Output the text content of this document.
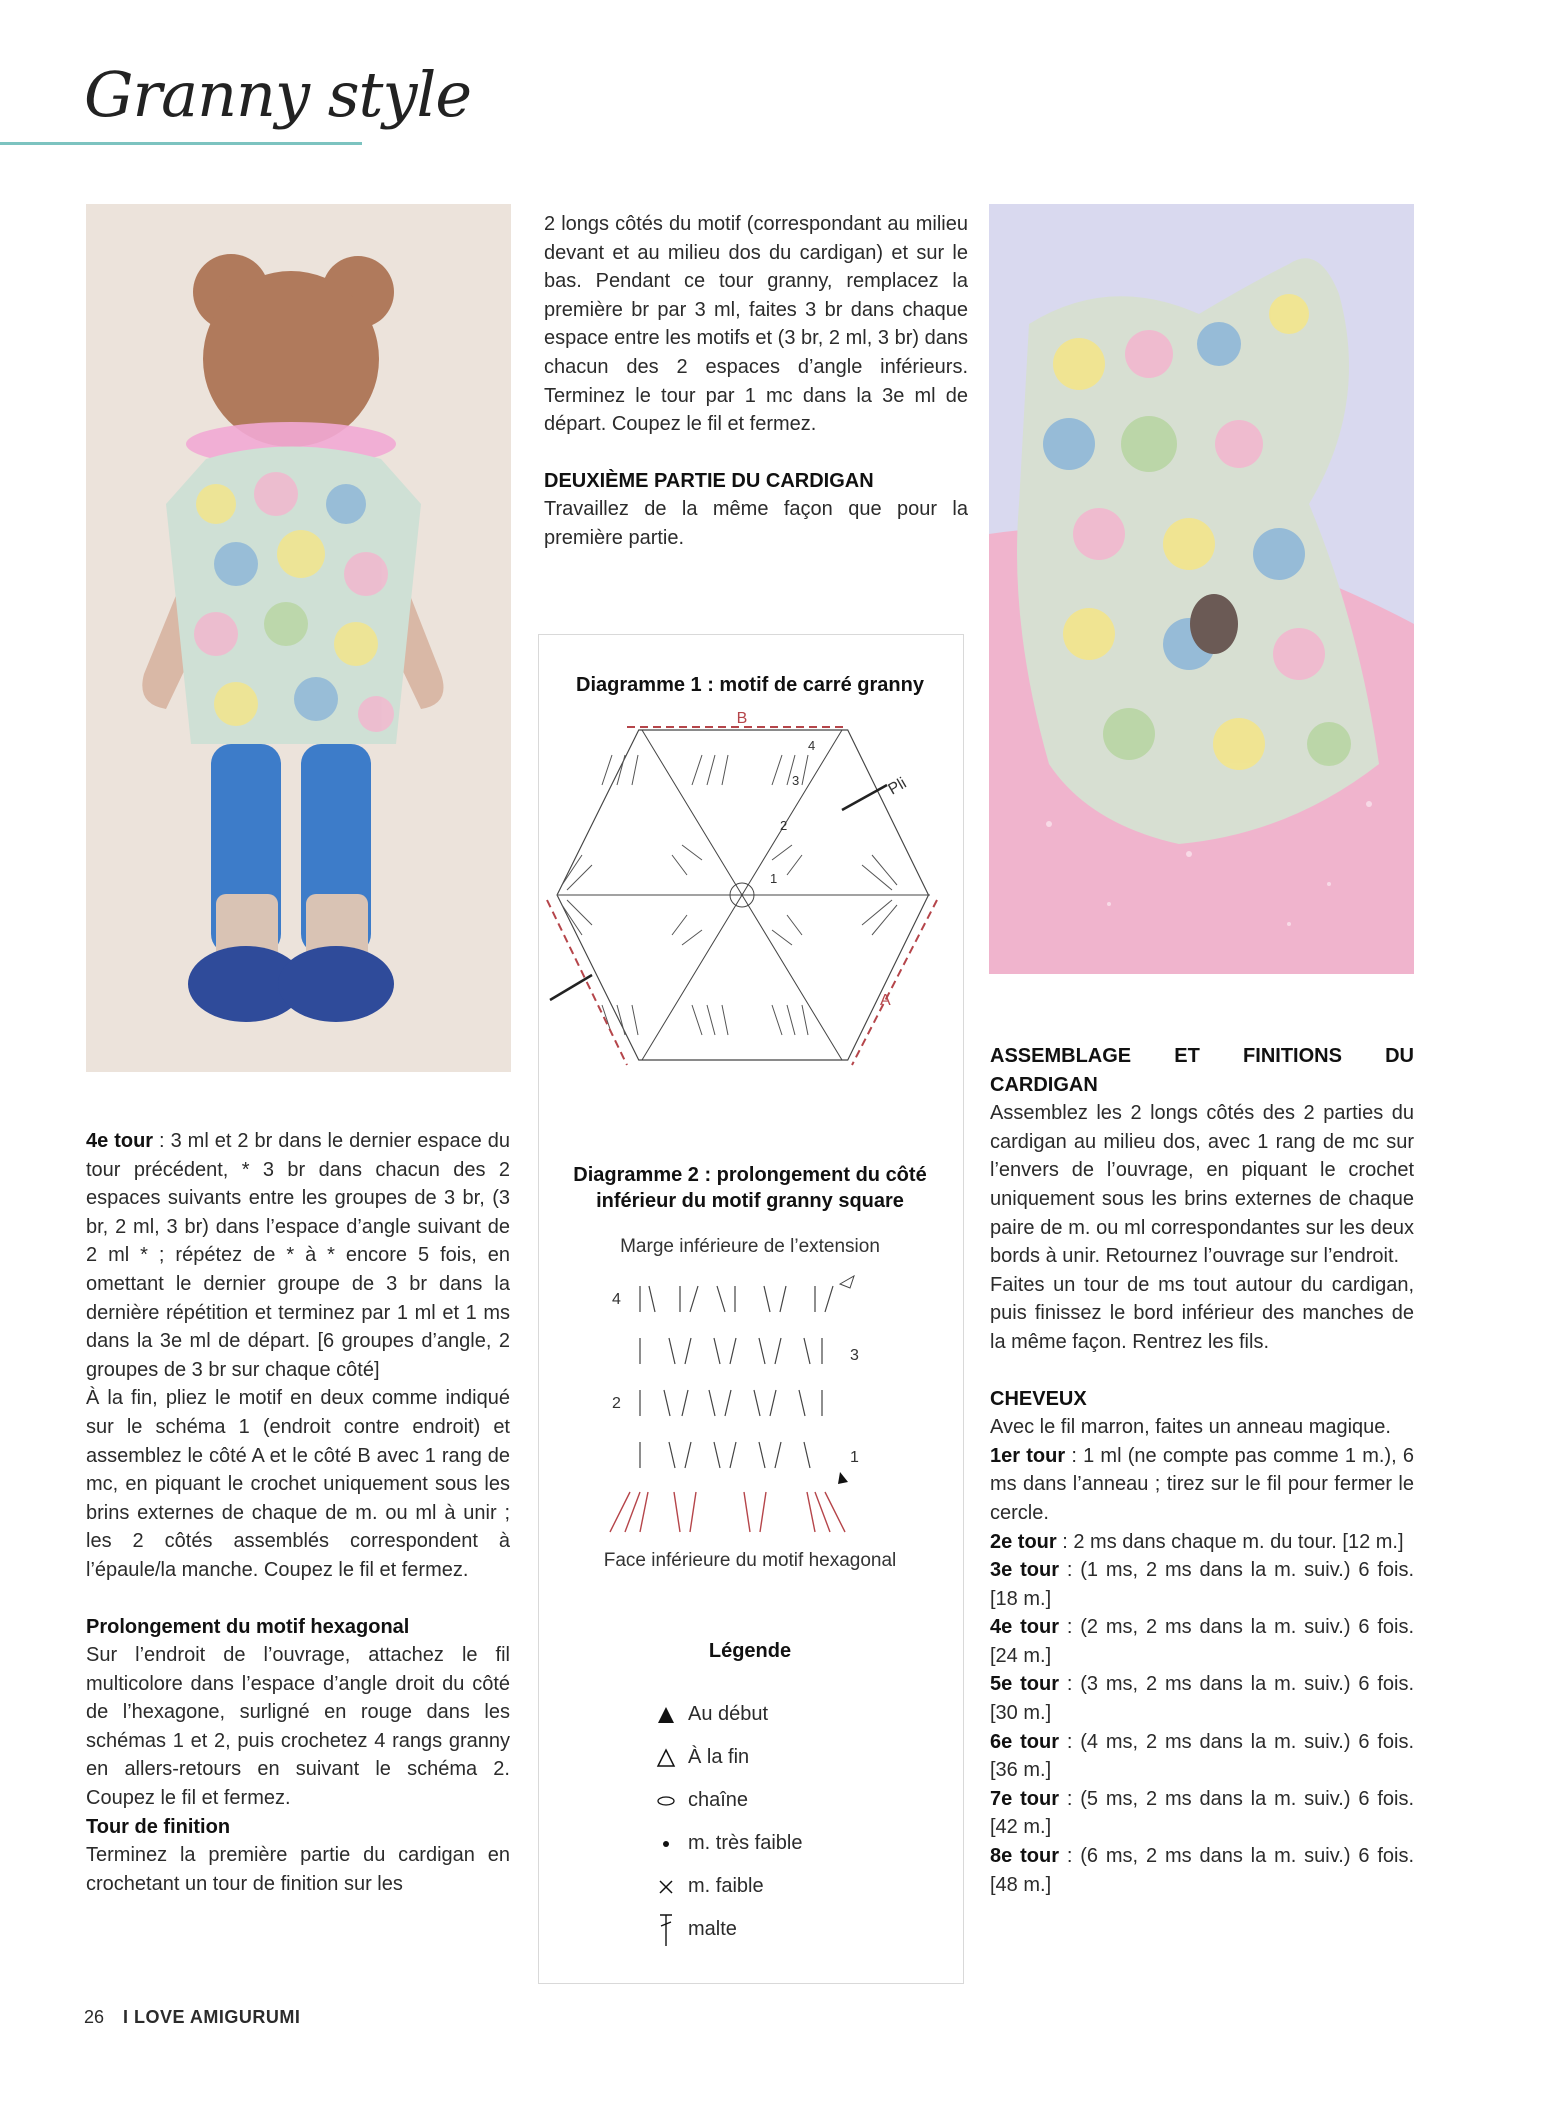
Granny style

2 longs côtés du motif (correspondant au milieu devant et au milieu dos du cardigan) et sur le bas. Pendant ce tour granny, remplacez la première br par 3 ml, faites 3 br dans chaque espace entre les motifs et (3 br, 2 ml, 3 br) dans chacun des 2 espaces d’angle inférieurs. Terminez le tour par 1 mc dans la 3e ml de départ. Coupez le fil et fermez.

DEUXIÈME PARTIE DU CARDIGAN

Travaillez de la même façon que pour la première partie.

Diagramme 1 : motif de carré granny
B
Pli
A
1
2
3
4
Diagramme 2 : prolongement du côté inférieur du motif granny square
Marge inférieure de l’extension
4
3
2
1
Face inférieure du motif hexagonal
Légende
Au début
À la fin
chaîne
m. très faible
m. faible
malte

4e tour : 3 ml et 2 br dans le dernier espace du tour précédent, * 3 br dans chacun des 2 espaces suivants entre les groupes de 3 br, (3 br, 2 ml, 3 br) dans l’espace d’angle suivant de 2 ml * ; répétez de * à * encore 5 fois, en omettant le dernier groupe de 3 br dans la dernière répétition et terminez par 1 ml et 1 ms dans la 3e ml de départ. [6 groupes d’angle, 2 groupes de 3 br sur chaque côté]

À la fin, pliez le motif en deux comme indiqué sur le schéma 1 (endroit contre endroit) et assemblez le côté A et le côté B avec 1 rang de mc, en piquant le crochet uniquement sous les brins externes de chaque de m. ou ml à unir ; les 2 côtés assemblés correspondent à l’épaule/la manche. Coupez le fil et fermez.

Prolongement du motif hexagonal

Sur l’endroit de l’ouvrage, attachez le fil multicolore dans l’espace d’angle droit du côté de l’hexagone, surligné en rouge dans les schémas 1 et 2, puis crochetez 4 rangs granny en allers-retours en suivant le schéma 2. Coupez le fil et fermez.

Tour de finition

Terminez la première partie du cardigan en crochetant un tour de finition sur les

ASSEMBLAGE ET FINITIONS DU CARDIGAN

Assemblez les 2 longs côtés des 2 parties du cardigan au milieu dos, avec 1 rang de mc sur l’envers de l’ouvrage, en piquant le crochet uniquement sous les brins externes de chaque paire de m. ou ml correspondantes sur les deux bords à unir. Retournez l’ouvrage sur l’endroit.

Faites un tour de ms tout autour du cardigan, puis finissez le bord inférieur des manches de la même façon. Rentrez les fils.

CHEVEUX

Avec le fil marron, faites un anneau magique.

1er tour : 1 ml (ne compte pas comme 1 m.), 6 ms dans l’anneau ; tirez sur le fil pour fermer le cercle.

2e tour : 2 ms dans chaque m. du tour. [12 m.]

3e tour : (1 ms, 2 ms dans la m. suiv.) 6 fois. [18 m.]

4e tour : (2 ms, 2 ms dans la m. suiv.) 6 fois. [24 m.]

5e tour : (3 ms, 2 ms dans la m. suiv.) 6 fois. [30 m.]

6e tour : (4 ms, 2 ms dans la m. suiv.) 6 fois. [36 m.]

7e tour : (5 ms, 2 ms dans la m. suiv.) 6 fois. [42 m.]

8e tour : (6 ms, 2 ms dans la m. suiv.) 6 fois. [48 m.]

26 I LOVE AMIGURUMI
